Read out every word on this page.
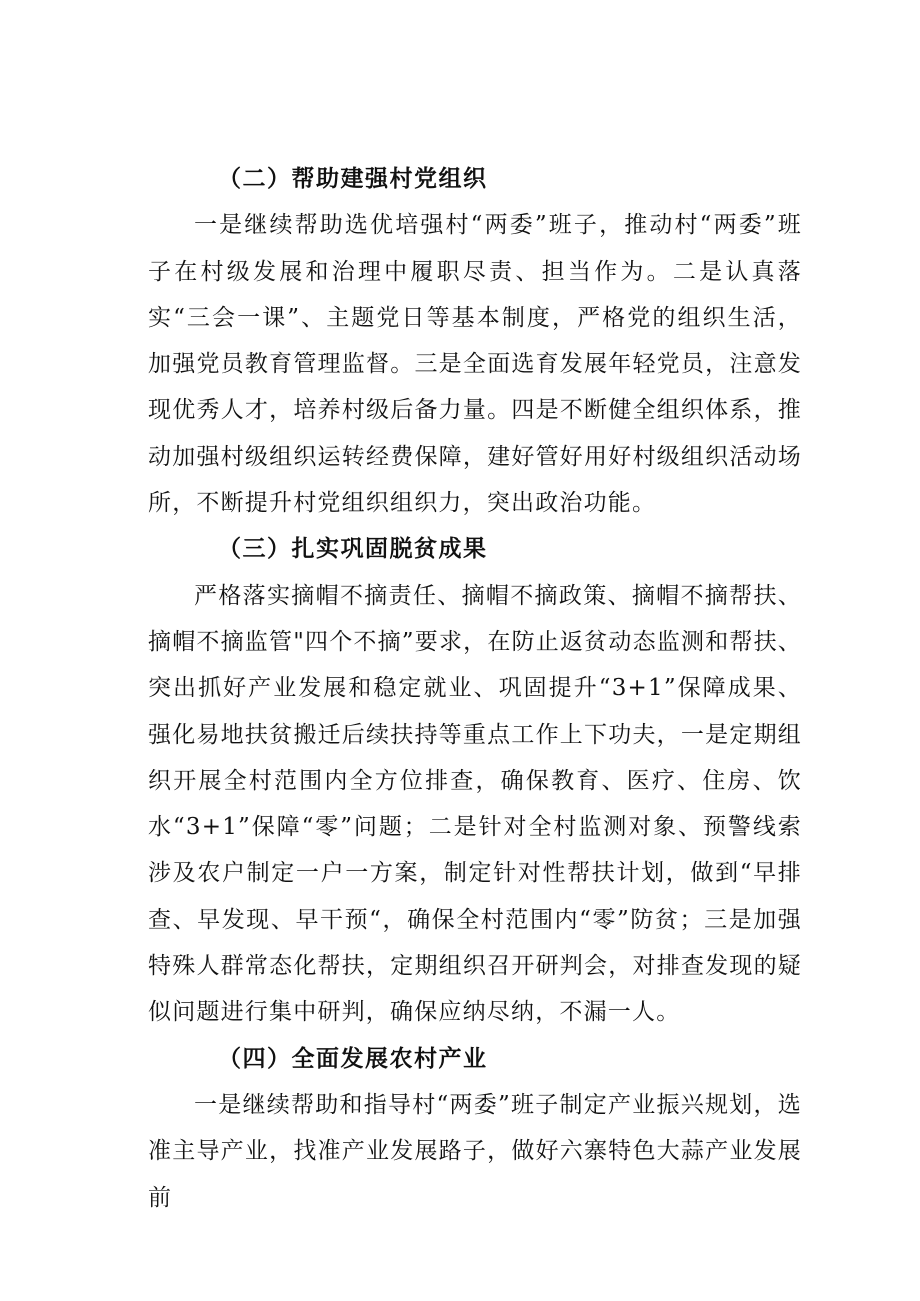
（二）帮助建强村党组织

一是继续帮助选优培强村“两委”班子，推动村“两委”班子在村级发展和治理中履职尽责、担当作为。二是认真落实“三会一课”、主题党日等基本制度，严格党的组织生活，加强党员教育管理监督。三是全面选育发展年轻党员，注意发现优秀人才，培养村级后备力量。四是不断健全组织体系，推动加强村级组织运转经费保障，建好管好用好村级组织活动场所，不断提升村党组织组织力，突出政治功能。

（三）扎实巩固脱贫成果

严格落实摘帽不摘责任、摘帽不摘政策、摘帽不摘帮扶、摘帽不摘监管"四个不摘”要求，在防止返贫动态监测和帮扶、突出抓好产业发展和稳定就业、巩固提升“3+1”保障成果、强化易地扶贫搬迁后续扶持等重点工作上下功夫，一是定期组织开展全村范围内全方位排查，确保教育、医疗、住房、饮水“3+1”保障“零”问题；二是针对全村监测对象、预警线索涉及农户制定一户一方案，制定针对性帮扶计划，做到“早排查、早发现、早干预“，确保全村范围内“零”防贫；三是加强特殊人群常态化帮扶，定期组织召开研判会，对排查发现的疑似问题进行集中研判，确保应纳尽纳，不漏一人。

（四）全面发展农村产业

一是继续帮助和指导村“两委”班子制定产业振兴规划，选准主导产业，找准产业发展路子，做好六寨特色大蒜产业发展前
